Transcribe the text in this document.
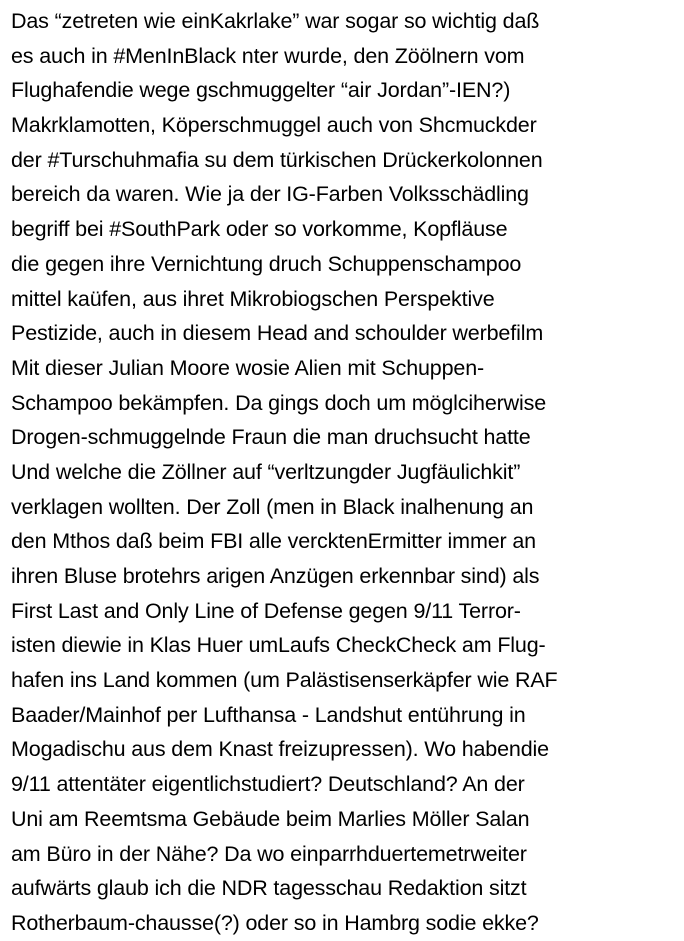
Das “zetreten wie einKakrlake” war sogar so wichtig daß
es auch in #MenInBlack nter wurde, den Zöölnern vom
Flughafendie wege gschmuggelter “air Jordan”-IEN?)
Makrklamotten, Köperschmuggel auch von Shcmuckder
der #Turschuhmafia su dem türkischen Drückerkolonnen
bereich da waren. Wie ja der IG-Farben Volksschädling
begriff bei #SouthPark oder so vorkomme, Kopfläuse
die gegen ihre Vernichtung druch Schuppenschampoo
mittel kaüfen, aus ihret Mikrobiogschen Perspektive
Pestizide, auch in diesem Head and schoulder werbefilm
Mit dieser Julian Moore wosie Alien mit Schuppen-
Schampoo bekämpfen. Da gings doch um möglciherwise
Drogen-schmuggelnde Fraun die man druchsucht hatte
Und welche die Zöllner auf “verltzungder Jugfäulichkit”
verklagen wollten. Der Zoll (men in Black inalhenung an
den Mthos daß beim FBI alle vercktenErmitter immer an
ihren Bluse brotehrs arigen Anzügen erkennbar sind) als
First Last and Only Line of Defense gegen 9/11 Terror-
isten diewie in Klas Huer umLaufs CheckCheck am Flug-
hafen ins Land kommen (um Palästisenserkäpfer wie RAF
Baader/Mainhof per Lufthansa - Landshut entührung in
Mogadischu aus dem Knast freizupressen). Wo habendie
9/11 attentäter eigentlichstudiert? Deutschland? An der
Uni am Reemtsma Gebäude beim Marlies Möller Salan
am Büro in der Nähe? Da wo einparrhduertemetrweiter
aufwärts glaub ich die NDR tagesschau Redaktion sitzt
Rotherbaum-chausse(?) oder so in Hambrg sodie ekke?
